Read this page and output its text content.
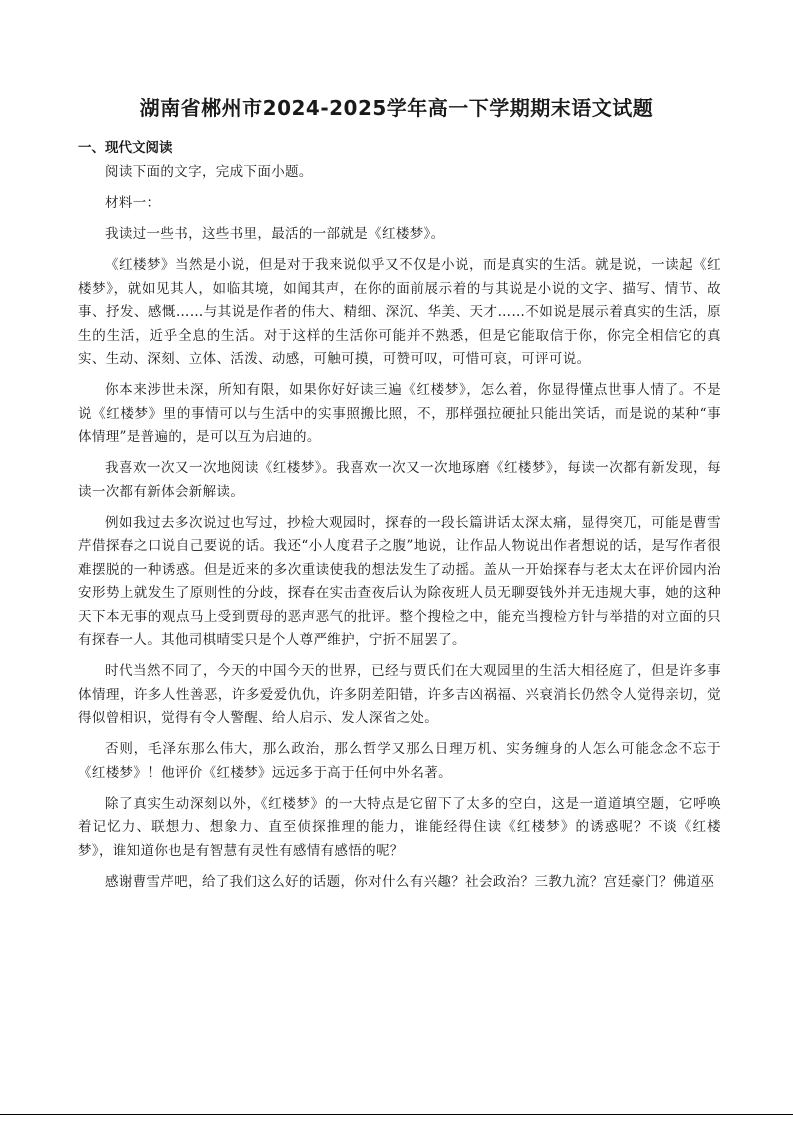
湖南省郴州市2024-2025学年高一下学期期末语文试题
一、现代文阅读

阅读下面的文字，完成下面小题。

材料一：

我读过一些书，这些书里，最活的一部就是《红楼梦》。

《红楼梦》当然是小说，但是对于我来说似乎又不仅是小说，而是真实的生活。就是说，一读起《红楼梦》，就如见其人，如临其境，如闻其声，在你的面前展示着的与其说是小说的文字、描写、情节、故事、抒发、感慨……与其说是作者的伟大、精细、深沉、华美、天才……不如说是展示着真实的生活，原生的生活，近乎全息的生活。对于这样的生活你可能并不熟悉，但是它能取信于你，你完全相信它的真实、生动、深刻、立体、活泼、动感，可触可摸，可赞可叹，可惜可哀，可评可说。

你本来涉世未深，所知有限，如果你好好读三遍《红楼梦》，怎么着，你显得懂点世事人情了。不是说《红楼梦》里的事情可以与生活中的实事照搬比照，不，那样强拉硬扯只能出笑话，而是说的某种“事体情理”是普遍的，是可以互为启迪的。

我喜欢一次又一次地阅读《红楼梦》。我喜欢一次又一次地琢磨《红楼梦》，每读一次都有新发现，每读一次都有新体会新解读。

例如我过去多次说过也写过，抄检大观园时，探春的一段长篇讲话太深太痛，显得突兀，可能是曹雪芹借探春之口说自己要说的话。我还“小人度君子之腹”地说，让作品人物说出作者想说的话，是写作者很难摆脱的一种诱惑。但是近来的多次重读使我的想法发生了动摇。盖从一开始探春与老太太在评价园内治安形势上就发生了原则性的分歧，探春在实击查夜后认为除夜班人员无聊耍钱外并无违规大事，她的这种天下本无事的观点马上受到贾母的恶声恶气的批评。整个搜检之中，能充当搜检方针与举措的对立面的只有探春一人。其他司棋晴雯只是个人尊严维护，宁折不屈罢了。

时代当然不同了，今天的中国今天的世界，已经与贾氏们在大观园里的生活大相径庭了，但是许多事体情理，许多人性善恶，许多爱爱仇仇，许多阴差阳错，许多吉凶祸福、兴衰消长仍然令人觉得亲切，觉得似曾相识，觉得有令人警醒、给人启示、发人深省之处。

否则，毛泽东那么伟大，那么政治，那么哲学又那么日理万机、实务缠身的人怎么可能念念不忘于《红楼梦》！他评价《红楼梦》远远多于高于任何中外名著。

除了真实生动深刻以外，《红楼梦》的一大特点是它留下了太多的空白，这是一道道填空题，它呼唤着记忆力、联想力、想象力、直至侦探推理的能力，谁能经得住读《红楼梦》的诱惑呢？不谈《红楼梦》，谁知道你也是有智慧有灵性有感情有感悟的呢？

感谢曹雪芹吧，给了我们这么好的话题，你对什么有兴趣？社会政治？三教九流？宫廷豪门？佛道巫
